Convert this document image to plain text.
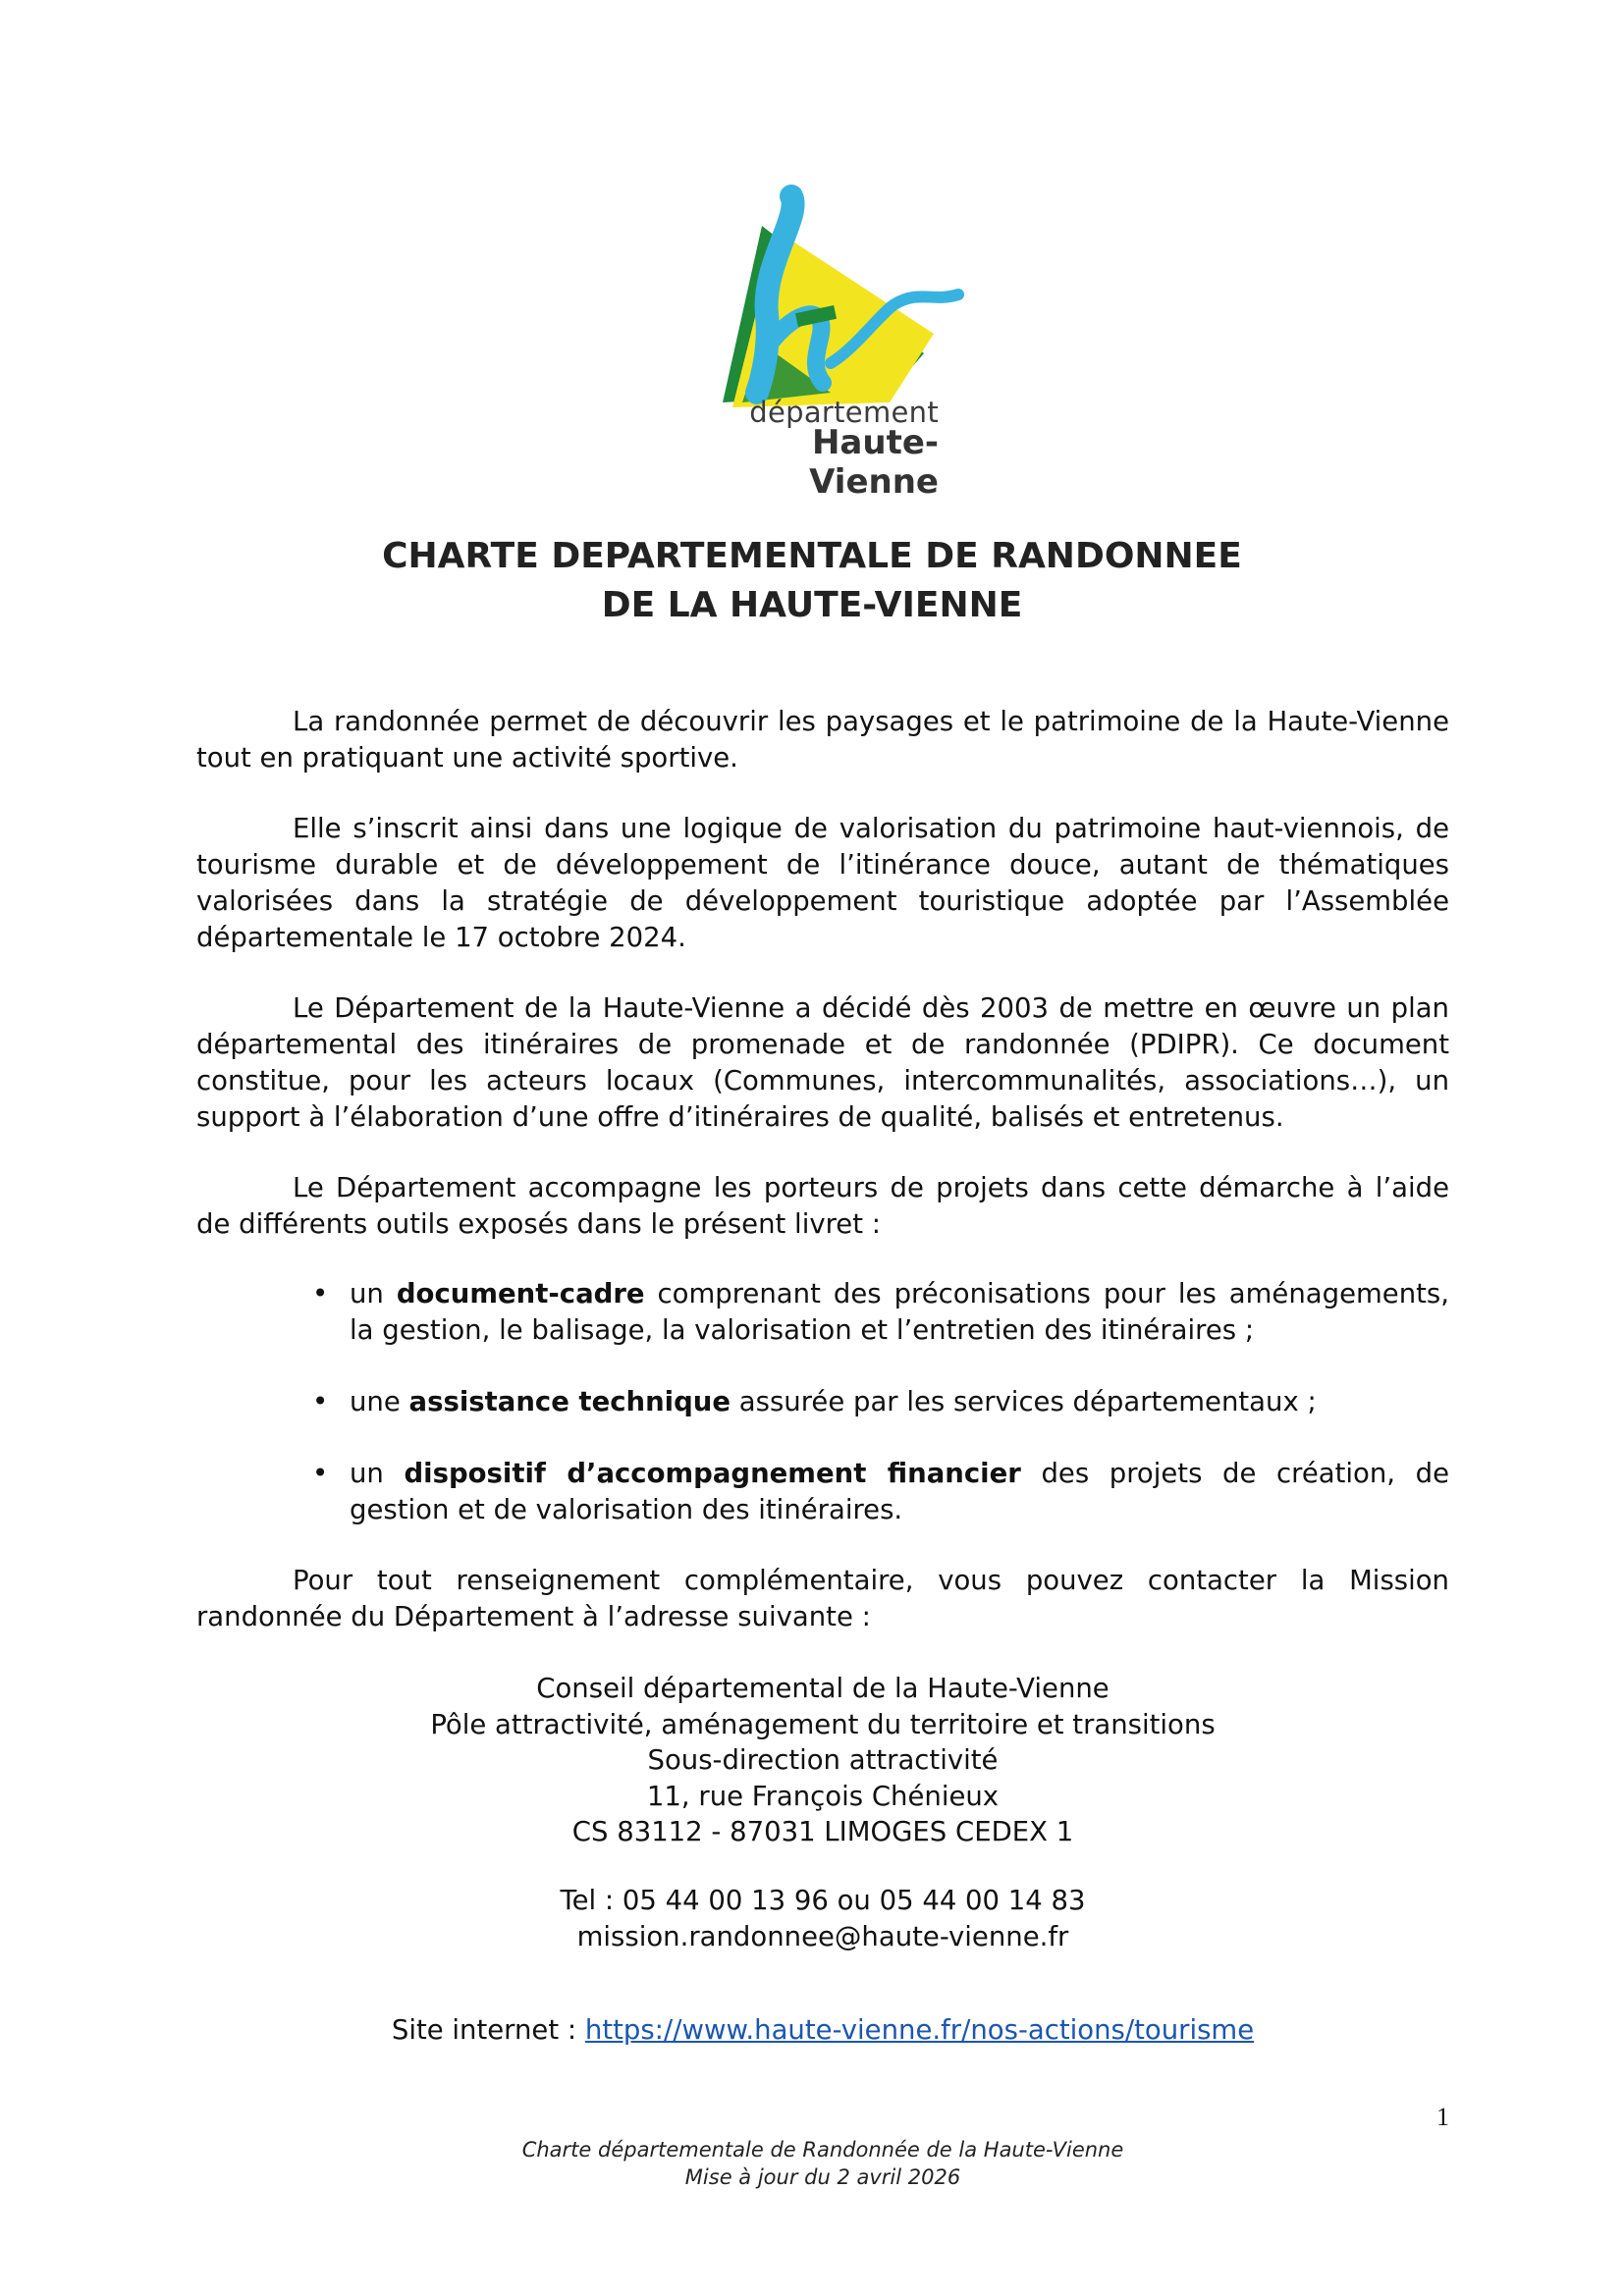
département
Haute-Vienne
CHARTE DEPARTEMENTALE DE RANDONNEE
DE LA HAUTE-VIENNE
La randonnée permet de découvrir les paysages et le patrimoine de la Haute-Vienne tout en pratiquant une activité sportive.
Elle s’inscrit ainsi dans une logique de valorisation du patrimoine haut-viennois, de tourisme durable et de développement de l’itinérance douce, autant de thématiques valorisées dans la stratégie de développement touristique adoptée par l’Assemblée départementale le 17 octobre 2024.
Le Département de la Haute-Vienne a décidé dès 2003 de mettre en œuvre un plan départemental des itinéraires de promenade et de randonnée (PDIPR). Ce document constitue, pour les acteurs locaux (Communes, intercommunalités, associations…), un support à l’élaboration d’une offre d’itinéraires de qualité, balisés et entretenus.
Le Département accompagne les porteurs de projets dans cette démarche à l’aide de différents outils exposés dans le présent livret :
• un document-cadre comprenant des préconisations pour les aménagements, la gestion, le balisage, la valorisation et l’entretien des itinéraires ;
• une assistance technique assurée par les services départementaux ;
• un dispositif d’accompagnement financier des projets de création, de gestion et de valorisation des itinéraires.
Pour tout renseignement complémentaire, vous pouvez contacter la Mission randonnée du Département à l’adresse suivante :
Conseil départemental de la Haute-Vienne
Pôle attractivité, aménagement du territoire et transitions
Sous-direction attractivité
11, rue François Chénieux
CS 83112 - 87031 LIMOGES CEDEX 1
Tel : 05 44 00 13 96 ou 05 44 00 14 83
mission.randonnee@haute-vienne.fr
Site internet : https://www.haute-vienne.fr/nos-actions/tourisme
1
Charte départementale de Randonnée de la Haute-Vienne
Mise à jour du 2 avril 2026
